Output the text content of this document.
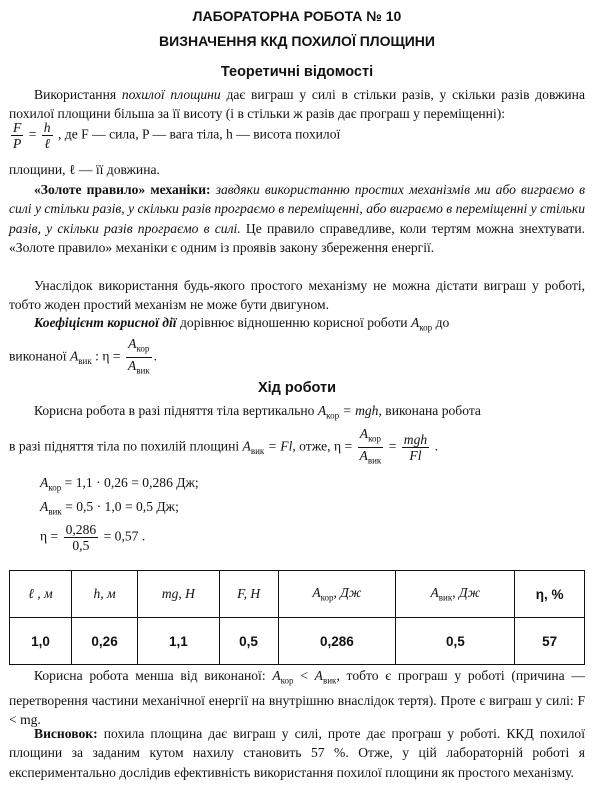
ЛАБОРАТОРНА РОБОТА № 10
ВИЗНАЧЕННЯ ККД ПОХИЛОЇ ПЛОЩИНИ
Теоретичні відомості
Використання похилої площини дає виграш у силі в стільки разів, у скільки разів довжина похилої площини більша за її висоту (і в стільки ж разів дає програш у переміщенні):
$\frac{F}{P} = \frac{h}{\text{ℓ}}$ , де F — сила, P — вага тіла, h — висота похилої
площини, ℓ — її довжина.
«Золоте правило» механіки: завдяки використанню простих механізмів ми або виграємо в силі у стільки разів, у скільки разів програємо в переміщенні, або виграємо в переміщенні у стільки разів, у скільки разів програємо в силі. Це правило справедливе, коли тертям можна знехтувати. «Золоте правило» механіки є одним із проявів закону збереження енергії.
Унаслідок використання будь-якого простого механізму не можна дістати виграш у роботі, тобто жоден простий механізм не може бути двигуном.
Коефіцієнт корисної дії дорівнює відношенню корисної роботи $A_{кор}$ до
виконаної $A_{вик}$ : $\eta = \frac{A_{кор}}{A_{вик}}$ .
Хід роботи
Корисна робота в разі підняття тіла вертикально $A_{кор}$ = mgh, виконана робота
в разі підняття тіла по похилій площині $A_{вик} = Fl$, отже, $\eta = \frac{A_{кор}}{A_{вик}} = \frac{\text{mgh}}{Fl}$ .
$A_{кор} = 1,1 \cdot 0,26 = 0,286$ Дж;
$A_{вик} = 0,5 \cdot 1,0 = 0,5$ Дж;
$\eta = \frac{0,286}{0,5} = 0,57$ .
ℓ , м	h, м	mg, Н	F, Н	$A_{кор}$, Дж	$A_{вик}$, Дж	η, %
1,0	0,26	1,1	0,5	0,286	0,5	57
Корисна робота менша від виконаної: $A_{кор} < A_{вик}$, тобто є програш у роботі (причина — перетворення частини механічної енергії на внутрішню внаслідок тертя). Проте є виграш у силі: F < mg.
Висновок: похила площина дає виграш у силі, проте дає програш у роботі. ККД похилої площини за заданим кутом нахилу становить 57 %. Отже, у цій лабораторній роботі я експериментально дослідив ефективність використання похилої площини як простого механізму.
